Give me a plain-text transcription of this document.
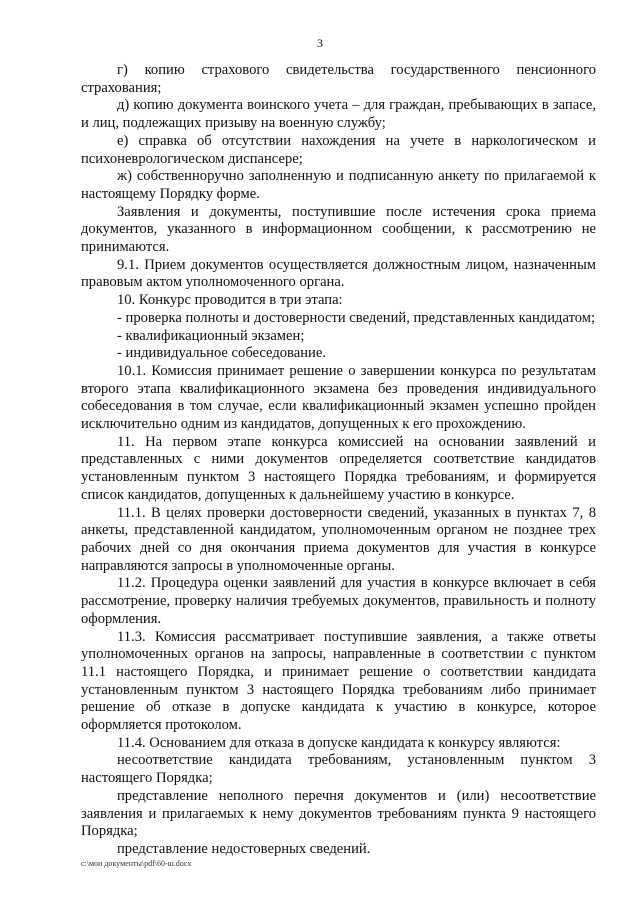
3

г) копию страхового свидетельства государственного пенсионного страхования;

д) копию документа воинского учета – для граждан, пребывающих в запасе, и лиц, подлежащих призыву на военную службу;

е) справка об отсутствии нахождения на учете в наркологическом и психоневрологическом диспансере;

ж) собственноручно заполненную и подписанную анкету по прилагаемой к настоящему Порядку форме.

Заявления и документы, поступившие после истечения срока приема документов, указанного в информационном сообщении, к рассмотрению не принимаются.

9.1. Прием документов осуществляется должностным лицом, назначенным правовым актом уполномоченного органа.

10. Конкурс проводится в три этапа:

- проверка полноты и достоверности сведений, представленных кандидатом;

- квалификационный экзамен;

- индивидуальное собеседование.

10.1. Комиссия принимает решение о завершении конкурса по результатам второго этапа квалификационного экзамена без проведения индивидуального собеседования в том случае, если квалификационный экзамен успешно пройден исключительно одним из кандидатов, допущенных к его прохождению.

11. На первом этапе конкурса комиссией на основании заявлений и представленных с ними документов определяется соответствие кандидатов установленным пунктом 3 настоящего Порядка требованиям, и формируется список кандидатов, допущенных к дальнейшему участию в конкурсе.

11.1. В целях проверки достоверности сведений, указанных в пунктах 7, 8 анкеты, представленной кандидатом, уполномоченным органом не позднее трех рабочих дней со дня окончания приема документов для участия в конкурсе направляются запросы в уполномоченные органы.

11.2. Процедура оценки заявлений для участия в конкурсе включает в себя рассмотрение, проверку наличия требуемых документов, правильность и полноту оформления.

11.3. Комиссия рассматривает поступившие заявления, а также ответы уполномоченных органов на запросы, направленные в соответствии с пунктом 11.1 настоящего Порядка, и принимает решение о соответствии кандидата установленным пунктом 3 настоящего Порядка требованиям либо принимает решение об отказе в допуске кандидата к участию в конкурсе, которое оформляется протоколом.

11.4. Основанием для отказа в допуске кандидата к конкурсу являются:

несоответствие кандидата требованиям, установленным пунктом 3 настоящего Порядка;

представление неполного перечня документов и (или) несоответствие заявления и прилагаемых к нему документов требованиям пункта 9 настоящего Порядка;

представление недостоверных сведений.

c:\мои документы\pdf\60-ш.docx
